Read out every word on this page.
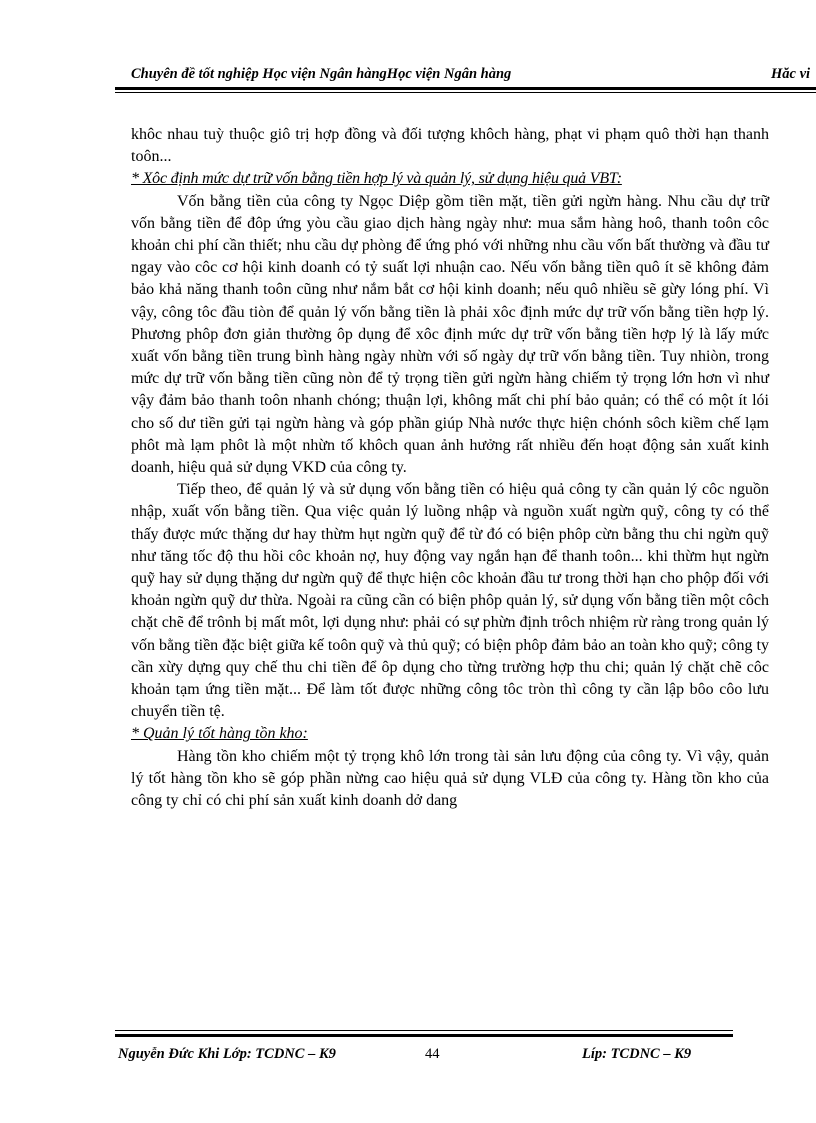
Chuyên đề tốt nghiệp Học viện Ngân hàngHọc viện Ngân hàng	Hăc vi

khôc nhau tuỳ thuộc giô trị hợp đồng và đối tượng khôch hàng, phạt vi phạm quô thời hạn thanh toôn...

* Xôc định mức dự trữ vốn bằng tiền hợp lý và quản lý, sử dụng hiệu quả VBT:

Vốn bằng tiền của công ty Ngọc Diệp gồm tiền mặt, tiền gửi ngừn hàng. Nhu cầu dự trữ vốn bằng tiền để đôp ứng yòu cầu giao dịch hàng ngày như: mua sắm hàng hoô, thanh toôn côc khoản chi phí cần thiết; nhu cầu dự phòng để ứng phó với những nhu cầu vốn bất thường và đầu tư ngay vào côc cơ hội kinh doanh có tỷ suất lợi nhuận cao. Nếu vốn bằng tiền quô ít sẽ không đảm bảo khả năng thanh toôn cũng như nắm bắt cơ hội kinh doanh; nếu quô nhiều sẽ gừy lóng phí. Vì vậy, công tôc đầu tiòn để quản lý vốn bằng tiền là phải xôc định mức dự trữ vốn bằng tiền hợp lý. Phương phôp đơn giản thường ôp dụng để xôc định mức dự trữ vốn bằng tiền hợp lý là lấy mức xuất vốn bằng tiền trung bình hàng ngày nhừn với số ngày dự trữ vốn bằng tiền. Tuy nhiòn, trong mức dự trữ vốn bằng tiền cũng nòn để tỷ trọng tiền gửi ngừn hàng chiếm tỷ trọng lớn hơn vì như vậy đảm bảo thanh toôn nhanh chóng; thuận lợi, không mất chi phí bảo quản; có thể có một ít lói cho số dư tiền gửi tại ngừn hàng và góp phần giúp Nhà nước thực hiện chónh sôch kiềm chế lạm phôt mà lạm phôt là một nhừn tố khôch quan ảnh hưởng rất nhiều đến hoạt động sản xuất kinh doanh, hiệu quả sử dụng VKD của công ty.

Tiếp theo, để quản lý và sử dụng vốn bằng tiền có hiệu quả công ty cần quản lý côc nguồn nhập, xuất vốn bằng tiền. Qua việc quản lý luồng nhập và nguồn xuất ngừn quỹ, công ty có thể thấy được mức thặng dư hay thừm hụt ngừn quỹ để từ đó có biện phôp cừn bằng thu chi ngừn quỹ như tăng tốc độ thu hồi côc khoản nợ, huy động vay ngắn hạn để thanh toôn... khi thừm hụt ngừn quỹ hay sử dụng thặng dư ngừn quỹ để thực hiện côc khoản đầu tư trong thời hạn cho phộp đối với khoản ngừn quỹ dư thừa. Ngoài ra cũng cần có biện phôp quản lý, sử dụng vốn bằng tiền một côch chặt chẽ để trônh bị mất môt, lợi dụng như: phải có sự phừn định trôch nhiệm rừ ràng trong quản lý vốn bằng tiền đặc biệt giữa kế toôn quỹ và thủ quỹ; có biện phôp đảm bảo an toàn kho quỹ; công ty cần xừy dựng quy chế thu chi tiền để ôp dụng cho từng trường hợp thu chi; quản lý chặt chẽ côc khoản tạm ứng tiền mặt... Để làm tốt được những công tôc tròn thì công ty cần lập bôo côo lưu chuyển tiền tệ.

* Quản lý tốt hàng tồn kho:

Hàng tồn kho chiếm một tỷ trọng khô lớn trong tài sản lưu động của công ty. Vì vậy, quản lý tốt hàng tồn kho sẽ góp phần nừng cao hiệu quả sử dụng VLĐ của công ty. Hàng tồn kho của công ty chỉ có chi phí sản xuất kinh doanh dở dang

Nguyễn Đức Khi Lớp: TCDNC – K9	44	Líp: TCDNC – K9
